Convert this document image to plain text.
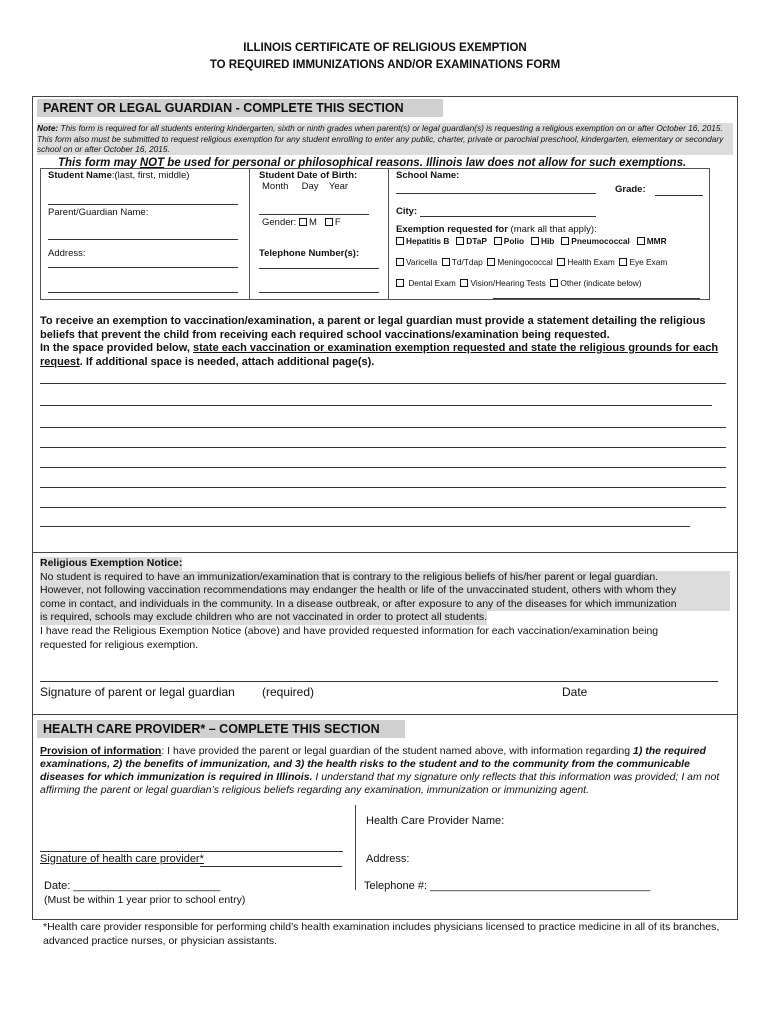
ILLINOIS CERTIFICATE OF RELIGIOUS EXEMPTION
TO REQUIRED IMMUNIZATIONS AND/OR EXAMINATIONS FORM
PARENT OR LEGAL GUARDIAN - COMPLETE THIS SECTION
Note: This form is required for all students entering kindergarten, sixth or ninth grades when parent(s) or legal guardian(s) is requesting a religious exemption on or after October 16, 2015. This form also must be submitted to request religious exemption for any student enrolling to enter any public, charter, private or parochial preschool, kindergarten, elementary or secondary school on or after October 16, 2015.
This form may NOT be used for personal or philosophical reasons. Illinois law does not allow for such exemptions.
Student Name:(last, first, middle)
Parent/Guardian Name:
Address:
Student Date of Birth:
Month     Day    Year
Gender: M F
Telephone Number(s):
School Name:
Grade:
City:
Exemption requested for (mark all that apply):
Hepatitis B DTaP Polio Hib Pneumococcal MMR
Varicella Td/Tdap Meningococcal Health Exam Eye Exam
Dental Exam Vision/Hearing Tests Other (indicate below)
To receive an exemption to vaccination/examination, a parent or legal guardian must provide a statement detailing the religious beliefs that prevent the child from receiving each required school vaccinations/examination being requested.
In the space provided below, state each vaccination or examination exemption requested and state the religious grounds for each request. If additional space is needed, attach additional page(s).
Religious Exemption Notice:
No student is required to have an immunization/examination that is contrary to the religious beliefs of his/her parent or legal guardian.
However, not following vaccination recommendations may endanger the health or life of the unvaccinated student, others with whom they
come in contact, and individuals in the community. In a disease outbreak, or after exposure to any of the diseases for which immunization
is required, schools may exclude children who are not vaccinated in order to protect all students.
I have read the Religious Exemption Notice (above) and have provided requested information for each vaccination/examination being
requested for religious exemption.
Signature of parent or legal guardian (required)	Date
HEALTH CARE PROVIDER* – COMPLETE THIS SECTION
Provision of information: I have provided the parent or legal guardian of the student named above, with information regarding 1) the required examinations, 2) the benefits of immunization, and 3) the health risks to the student and to the community from the communicable diseases for which immunization is required in Illinois. I understand that my signature only reflects that this information was provided; I am not affirming the parent or legal guardian’s religious beliefs regarding any examination, immunization or immunizing agent.
Health Care Provider Name:
Signature of health care provider*	Address:
Date: ________________________	Telephone #: ____________________________________
(Must be within 1 year prior to school entry)
*Health care provider responsible for performing child’s health examination includes physicians licensed to practice medicine in all of its branches, advanced practice nurses, or physician assistants.
